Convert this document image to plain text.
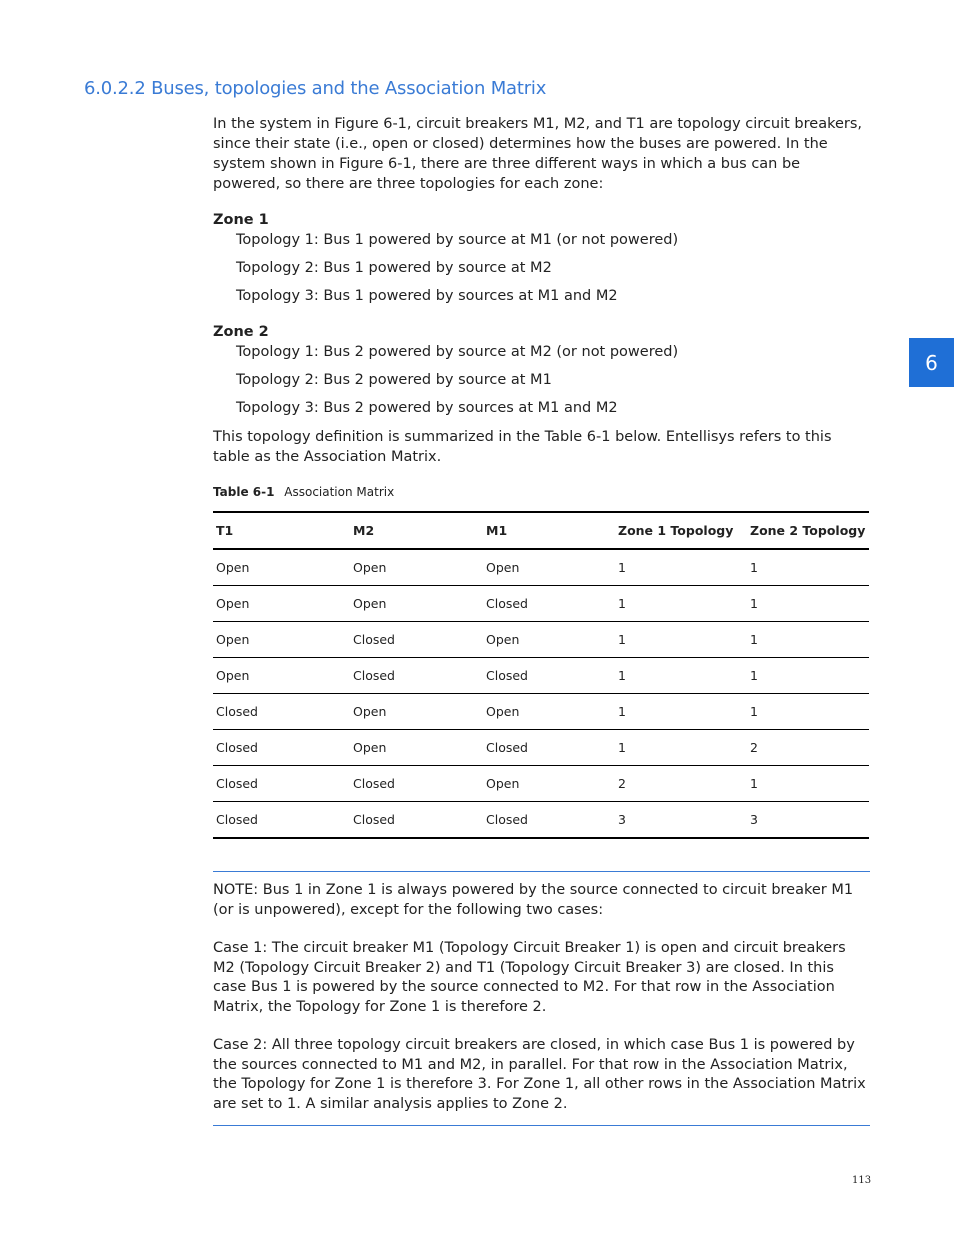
6.0.2.2 Buses, topologies and the Association Matrix

In the system in Figure 6-1, circuit breakers M1, M2, and T1 are topology circuit breakers, since their state (i.e., open or closed) determines how the buses are powered. In the system shown in Figure 6-1, there are three different ways in which a bus can be powered, so there are three topologies for each zone:

Zone 1

Topology 1: Bus 1 powered by source at M1 (or not powered)

Topology 2: Bus 1 powered by source at M2

Topology 3: Bus 1 powered by sources at M1 and M2

Zone 2

Topology 1: Bus 2 powered by source at M2 (or not powered)

Topology 2: Bus 2 powered by source at M1

Topology 3: Bus 2 powered by sources at M1 and M2

This topology definition is summarized in the Table 6-1 below. Entellisys refers to this table as the Association Matrix.

Table 6-1 Association Matrix

T1	M2	M1	Zone 1 Topology	Zone 2 Topology
Open	Open	Open	1	1
Open	Open	Closed	1	1
Open	Closed	Open	1	1
Open	Closed	Closed	1	1
Closed	Open	Open	1	1
Closed	Open	Closed	1	2
Closed	Closed	Open	2	1
Closed	Closed	Closed	3	3

NOTE: Bus 1 in Zone 1 is always powered by the source connected to circuit breaker M1 (or is unpowered), except for the following two cases:

Case 1: The circuit breaker M1 (Topology Circuit Breaker 1) is open and circuit breakers M2 (Topology Circuit Breaker 2) and T1 (Topology Circuit Breaker 3) are closed. In this case Bus 1 is powered by the source connected to M2. For that row in the Association Matrix, the Topology for Zone 1 is therefore 2.

Case 2: All three topology circuit breakers are closed, in which case Bus 1 is powered by the sources connected to M1 and M2, in parallel. For that row in the Association Matrix, the Topology for Zone 1 is therefore 3. For Zone 1, all other rows in the Association Matrix are set to 1. A similar analysis applies to Zone 2.

6
113
